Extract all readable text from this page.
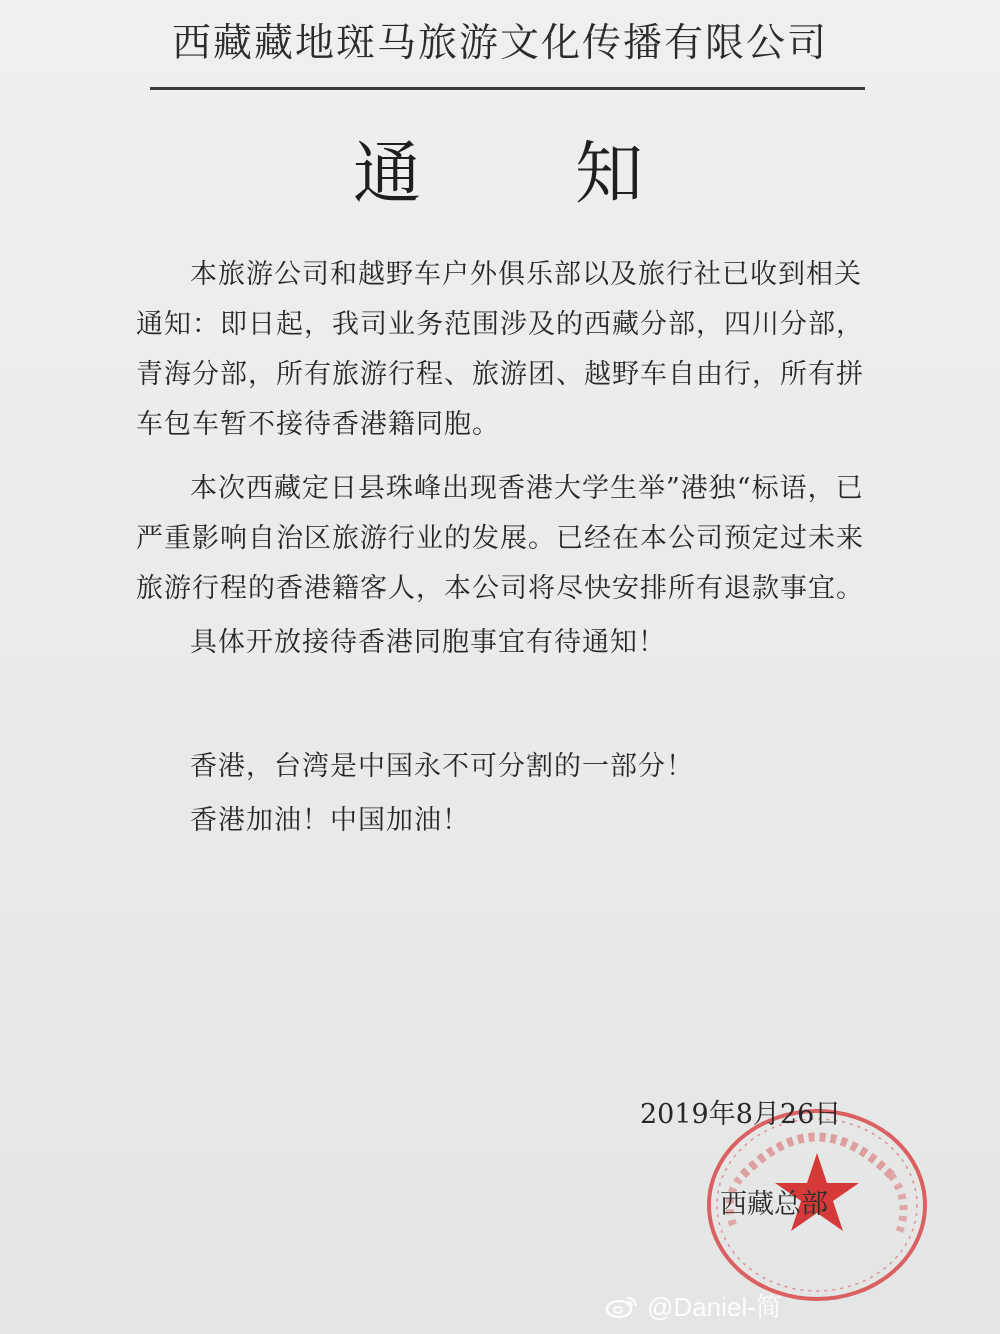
西藏藏地斑马旅游文化传播有限公司
通 知

本旅游公司和越野车户外俱乐部以及旅行社已收到相关通知：即日起，我司业务范围涉及的西藏分部，四川分部，青海分部，所有旅游行程、旅游团、越野车自由行，所有拼车包车暂不接待香港籍同胞。

本次西藏定日县珠峰出现香港大学生举”港独“标语，已严重影响自治区旅游行业的发展。已经在本公司预定过未来旅游行程的香港籍客人，本公司将尽快安排所有退款事宜。

具体开放接待香港同胞事宜有待通知！

香港，台湾是中国永不可分割的一部分！

香港加油！中国加油！

2019年8月26日
西藏总部
@Daniel-简
